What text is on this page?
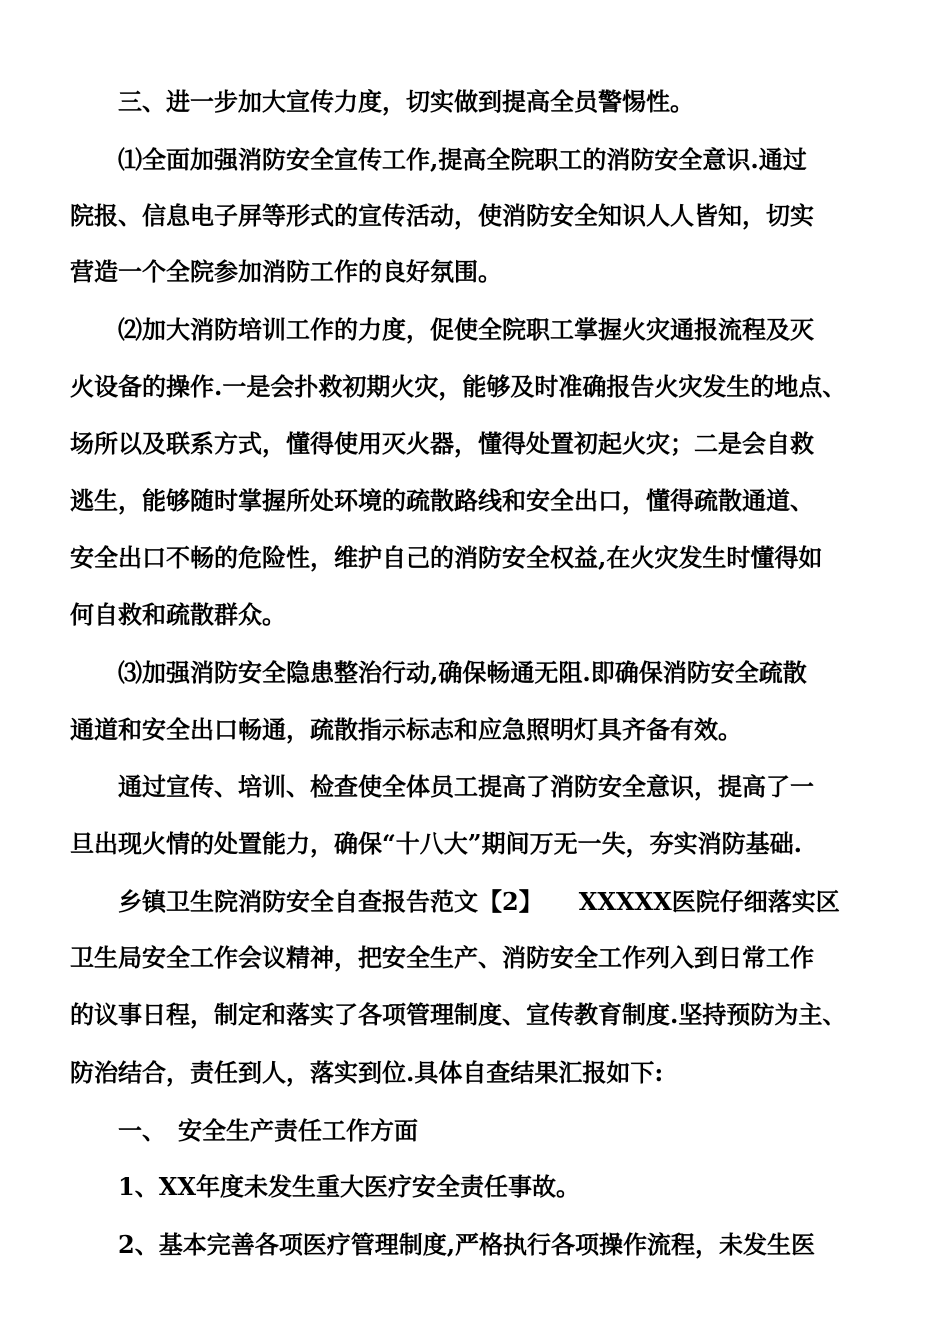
三、进一步加大宣传力度，切实做到提高全员警惕性。

⑴全面加强消防安全宣传工作,提高全院职工的消防安全意识.通过

院报、信息电子屏等形式的宣传活动，使消防安全知识人人皆知，切实

营造一个全院参加消防工作的良好氛围。

⑵加大消防培训工作的力度，促使全院职工掌握火灾通报流程及灭

火设备的操作.一是会扑救初期火灾，能够及时准确报告火灾发生的地点、

场所以及联系方式，懂得使用灭火器，懂得处置初起火灾；二是会自救

逃生，能够随时掌握所处环境的疏散路线和安全出口，懂得疏散通道、

安全出口不畅的危险性，维护自己的消防安全权益,在火灾发生时懂得如

何自救和疏散群众。

⑶加强消防安全隐患整治行动,确保畅通无阻.即确保消防安全疏散

通道和安全出口畅通，疏散指示标志和应急照明灯具齐备有效。

通过宣传、培训、检查使全体员工提高了消防安全意识，提高了一

旦出现火情的处置能力，确保“十八大”期间万无一失，夯实消防基础.

乡镇卫生院消防安全自查报告范文【2】　　XXXXX医院仔细落实区

卫生局安全工作会议精神，把安全生产、消防安全工作列入到日常工作

的议事日程，制定和落实了各项管理制度、宣传教育制度.坚持预防为主、

防治结合，责任到人，落实到位.具体自查结果汇报如下:

一、　安全生产责任工作方面

1、XX年度未发生重大医疗安全责任事故。

2、基本完善各项医疗管理制度,严格执行各项操作流程，未发生医
